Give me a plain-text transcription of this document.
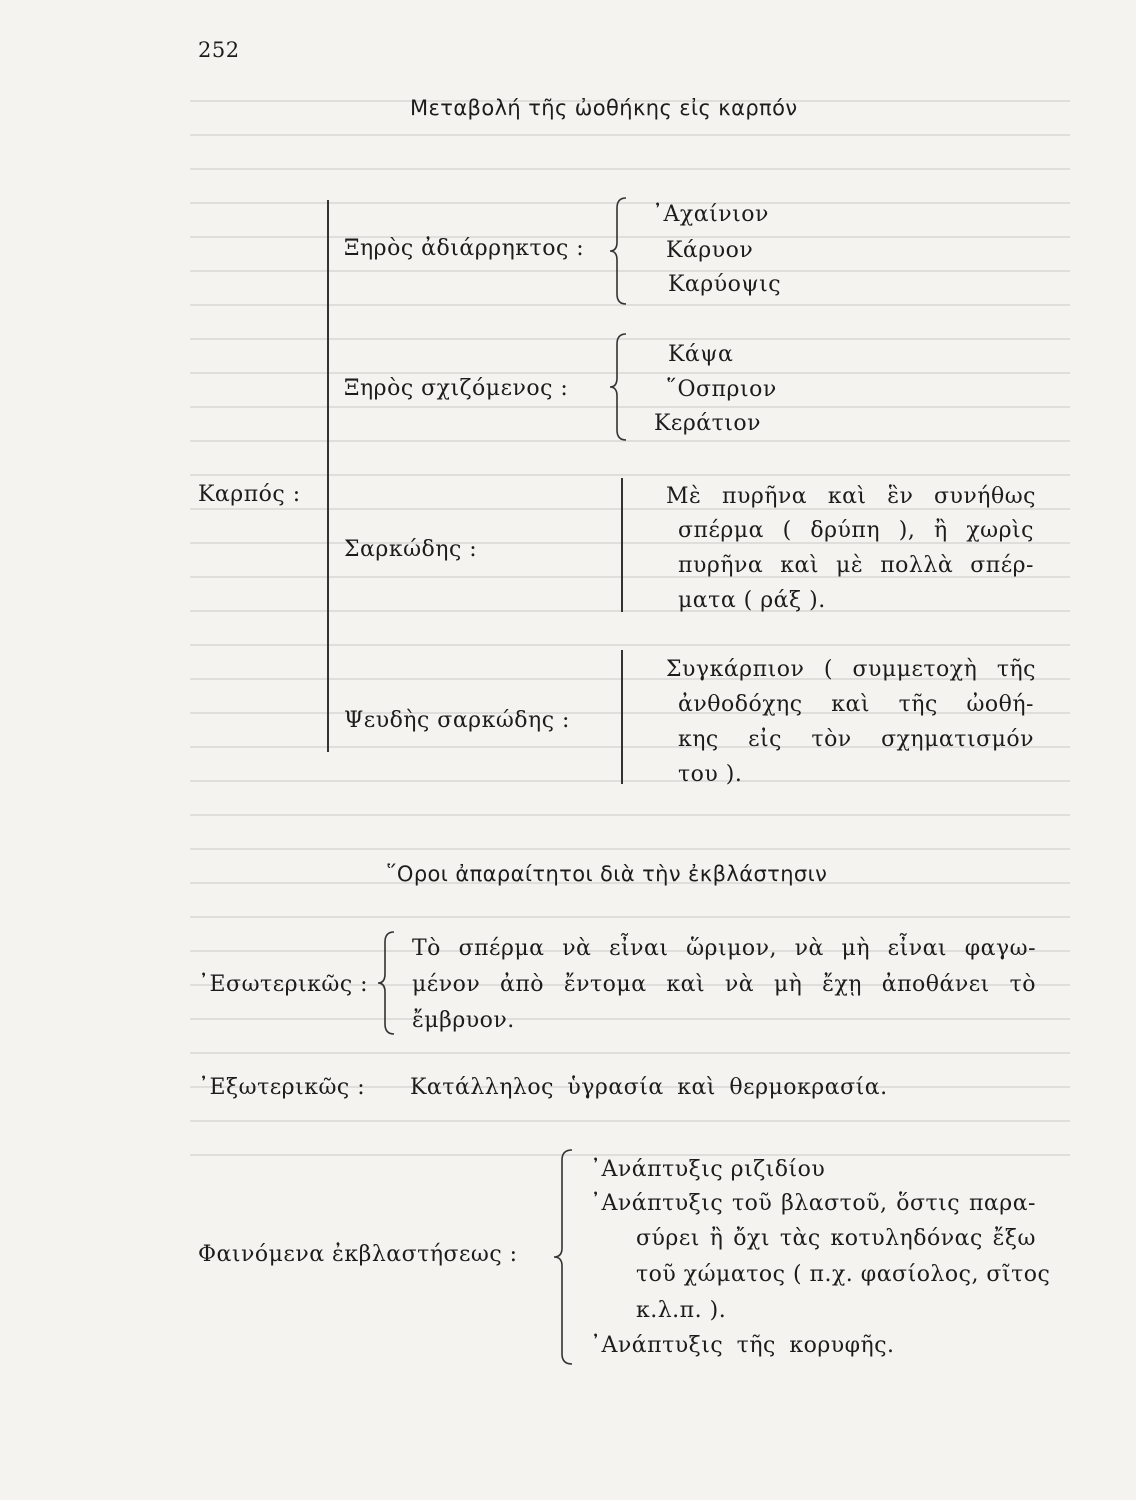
252
Μεταβολή τῆς ὠοθήκης εἰς καρπόν
Καρπός :
Ξηρὸς ἀδιάρρηκτος :
᾿Αχαίνιον
Κάρυον
Καρύοψις
Ξηρὸς σχιζόμενος :
Κάψα
῞Οσπριον
Κεράτιον
Σαρκώδης :
Μὲ πυρῆνα καὶ ἓν συνήθως
σπέρμα ( δρύπη ), ἢ χωρὶς
πυρῆνα καὶ μὲ πολλὰ σπέρ-
ματα ( ράξ ).
Ψευδὴς σαρκώδης :
Συγκάρπιον ( συμμετοχὴ τῆς
ἀνθοδόχης καὶ τῆς ὠοθή-
κης εἰς τὸν σχηματισμόν
του ).
῞Οροι ἀπαραίτητοι διὰ τὴν ἐκβλάστησιν
᾿Εσωτερικῶς :
Τὸ σπέρμα νὰ εἶναι ὥριμον, νὰ μὴ εἶναι φαγω-
μένον ἀπὸ ἔντομα καὶ νὰ μὴ ἔχῃ ἀποθάνει τὸ
ἔμβρυον.
᾿Εξωτερικῶς : Κατάλληλος ὑγρασία καὶ θερμοκρασία.
Φαινόμενα ἐκβλαστήσεως :
᾿Ανάπτυξις ριζιδίου
᾿Ανάπτυξις τοῦ βλαστοῦ, ὅστις παρα-
σύρει ἢ ὄχι τὰς κοτυληδόνας ἔξω
τοῦ χώματος ( π.χ. φασίολος, σῖτος
κ.λ.π. ).
᾿Ανάπτυξις τῆς κορυφῆς.
